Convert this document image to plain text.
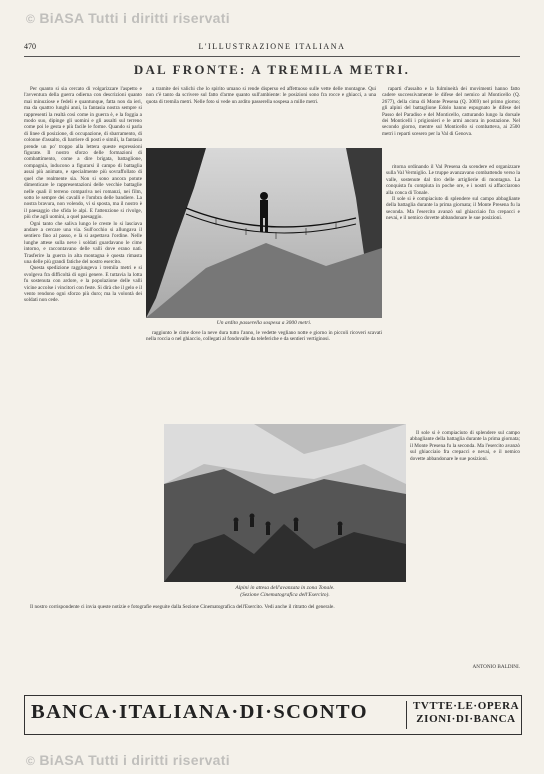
© BiASA Tutti i diritti riservati
470	L'ILLUSTRAZIONE ITALIANA
DAL FRONTE: A TREMILA METRI.

Per quanto si sia cercato di volgarizzare l'aspetto e l'avventura della guerra odierna con descrizioni quanto mai minuziose e fedeli e quantunque, fatta non da ieri, ma da quattro lunghi anni, la fantasia nostra sempre si rappresenti la realtà così come in guerra è, e la foggia a modo suo, dipinge gli uomini e gli assalti sul terreno come poi le gesta e più facile le forme. Quando si parla di linee di posizione, di occupazione, di sbarramento, di colonne d'assalto, di barriere di posti e simili, la fantasia prende un po' troppo alla lettera queste espressioni figurate. Il nostro sforzo delle formazioni di combattimento, come a dire brigata, battaglione, compagnia, inducono a figurarsi il campo di battaglia assai più animato, e specialmente più sovraffollato di quel che realmente sia. Non si sono ancora potute dimenticare le rappresentazioni delle vecchie battaglie nelle quali il terreno compariva nei romanzi, nei film, sotto le sempre dei cavalli e l'ombra delle bandiere. La nostra bravura, non volendo, vi si sposta, ma il nostro è il paesaggio che sfida le alpi. E l'attenzione si rivolge, più che agli uomini, a quel paesaggio.

Ogni tanto che saliva lungo le creste lo si lasciava andare a cercare una via. Sull'occhio si allungava il sentiero fino al passo, e là si aspettava l'ordine. Nelle lunghe attese sulla neve i soldati guardavano le cime intorno, e raccontavano delle valli dove erano nati. Trasferire la guerra in alta montagna è questa rimasta una delle più grandi fatiche del nostro esercito.

Questa spedizione raggiungeva i tremila metri e si svolgeva fra difficoltà di ogni genere. E tuttavia la lotta fu sostenuta con ardore, e la popolazione delle valli vicine accolse i vincitori con feste. Si dirà che il gelo e il vento rendono ogni sforzo più duro; ma la volontà dei soldati non cede.

a tramite dei valichi che lo spirito umano si rende disperso ed affettuoso sulle vette delle montagne. Qui non c'è tanto da scrivere sul fatto d'arme quanto sull'ambiente: le posizioni sono fra rocce e ghiacci, a una quota di tremila metri. Nelle foto si vede un ardito passerella sospesa a mille metri.

raparti d'assalto e la fulmineità dei movimenti hanno fatto cadere successivamente le difese del nemico al Monticello (Q. 2677), della cima di Monte Presena (Q. 3069) nel primo giorno; gli alpini del battaglione Edolo hanno espugnato le difese del Passo del Paradiso e del Monticello, catturando lungo la dorsale dei Monticelli i prigionieri e le armi ancora in postazione. Nel secondo giorno, mentre sul Monticello si combatteva, ai 2500 metri i reparti scesero per la Val di Genova.

Un ardito passerella sospesa a 3000 metri.

ritorna ordinando il Val Presena da scendere ed organizzare sulla Val Vermiglio. Le truppe avanzavano combattendo verso la valle, sostenute dal tiro delle artiglierie di montagna. La conquista fu compiuta in poche ore, e i nostri si affacciarono alla conca di Tonale.

Il sole si è compiaciuto di splendere sul campo abbagliante della battaglia durante la prima giornata; il Monte Presena fu la seconda. Ma l'esercito avanzò sul ghiacciaio fra crepacci e nevai, e il nemico dovette abbandonare le sue posizioni.

raggiunto le cime dove la neve dura tutto l'anno, le vedette vegliano notte e giorno in piccoli ricoveri scavati nella roccia o nel ghiaccio, collegati al fondovalle da teleferiche e da sentieri vertiginosi.

Alpini in attesa dell'avanzata in zona Tonale.
(Sezione Cinematografica dell'Esercito).

Il nostro corrispondente ci invia queste notizie e fotografie eseguite dalla Sezione Cinematografica dell'Esercito. Vedi anche il ritratto del generale.

Il sole si è compiaciuto di splendere sul campo abbagliante della battaglia durante la prima giornata; il Monte Presena fu la seconda. Ma l'esercito avanzò sul ghiacciaio fra crepacci e nevai, e il nemico dovette abbandonare le sue posizioni.

ANTONIO BALDINI.
BANCA·ITALIANA·DI·SCONTO	TVTTE·LE·OPERA
ZIONI·DI·BANCA
© BiASA Tutti i diritti riservati
